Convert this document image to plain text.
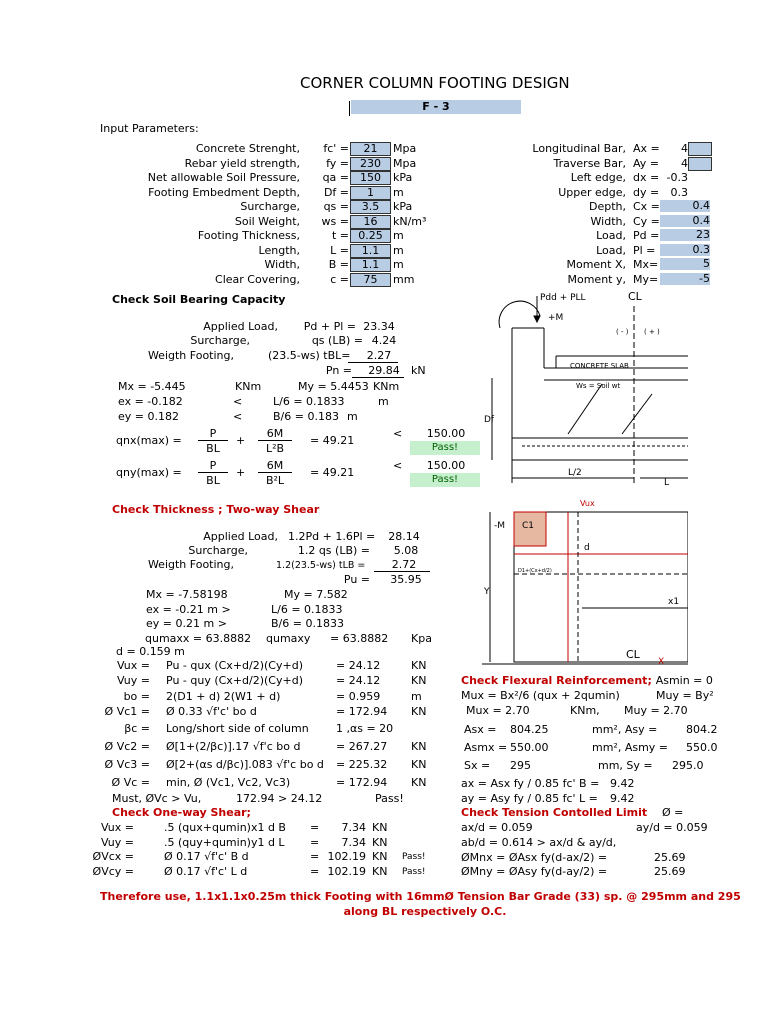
CORNER COLUMN FOOTING DESIGN
F - 3
Input Parameters:
Concrete Strenght,	fc' =	21	Mpa
Rebar yield strength,	fy =	230	Mpa
Net allowable Soil Pressure,	qa =	150	kPa
Footing Embedment Depth,	Df =	1	m
Surcharge,	qs =	3.5	kPa
Soil Weight,	ws =	16	kN/m³
Footing Thickness,	t = 0.25 m
Length,	L =	1.1	m
Width,	B =	1.1	m
Clear Covering,	c =	75	mm
Longitudinal Bar, Ax =	4
Traverse Bar, Ay =	4
Left edge, dx = -0.3
Upper edge, dy =	0.3
Depth, Cx =	0.4
Width, Cy =	0.4
Load, Pd =	23
Load, Pl =	0.3
Moment X, Mx=	5
Moment y, My=	-5
Check Soil Bearing Capacity
Applied Load,	Pd + Pl = 23.34
Surcharge,	qs (LB) = 4.24
Weigth Footing,	(23.5-ws) tBL=	2.27
Pn =	29.84	kN
Mx = -5.445	KNm	My = 5.4453 KNm
ex = -0.182	<	L/6 = 0.1833	m
ey = 0.182	<	B/6 = 0.183 m
qnx(max) =
P
BL
+
6M
L²B
= 49.21
<	150.00
Pass!
qny(max) =
P
BL
+
6M
B²L
= 49.21
<	150.00
Pass!
Check Thickness ; Two-way Shear
Applied Load, 1.2Pd + 1.6Pl =	28.14
Surcharge,	1.2 qs (LB) =	5.08
Weigth Footing,	1.2(23.5-ws) tLB =	2.72
Pu =	35.95
Mx = -7.58198	My = 7.582
ex = -0.21 m >	L/6 = 0.1833
ey = 0.21 m >	B/6 = 0.1833
qumaxx = 63.8882 qumaxy = 63.8882 Kpa
d = 0.159 m
Vux = Pu - qux (Cx+d/2)(Cy+d)	= 24.12	KN
Vuy = Pu - quy (Cx+d/2)(Cy+d)	= 24.12	KN
bo = 2(D1 + d) 2(W1 + d)	= 0.959	m
Ø Vc1 = Ø 0.33 √f'c' bo d	= 172.94 KN
βc = Long/short side of column 1 ,αs = 20
Ø Vc2 = Ø[1+(2/βc)].17 √f'c bo d	= 267.27 KN
Ø Vc3 = Ø[2+(αs d/βc)].083 √f'c bo d = 225.32 KN
Ø Vc = min, Ø (Vc1, Vc2, Vc3)	= 172.94 KN
Must, ØVc > Vu,	172.94 > 24.12	Pass!
Check One-way Shear;
Vux =	.5 (qux+qumin)x1 d B =	7.34 KN
Vuy =	.5 (quy+qumin)y1 d L =	7.34 KN
ØVcx =	Ø 0.17 √f'c' B d	= 102.19 KN Pass!
ØVcy =	Ø 0.17 √f'c' L d	= 102.19 KN Pass!
Check Flexural Reinforcement; Asmin = 0
Mux = Bx²/6 (qux + 2qumin)	Muy = By²
Mux = 2.70	KNm, Muy = 2.70
Asx = 804.25	mm², Asy =	804.2
Asmx = 550.00	mm², Asmy = 550.0
Sx = 295	mm, Sy = 295.0
ax = Asx fy / 0.85 fc' B = 9.42
ay = Asy fy / 0.85 fc' L = 9.42
Check Tension Contolled Limit Ø =
ax/d = 0.059	ay/d = 0.059
ab/d = 0.614 > ax/d & ay/d,
ØMnx = ØAsx fy(d-ax/2) =	25.69
ØMny = ØAsy fy(d-ay/2) =	25.69
Therefore use, 1.1x1.1x0.25m thick Footing with 16mmØ Tension Bar Grade (33) sp. @ 295mm and 295
along BL respectively O.C.
Pdd + PLL	CL
+M
( - ) ( + )
CONCRETE SLAB
Ws = Soil wt
Df
L/2
L
Vux
-M C1
d
Y
x1
CL
X
D1+(Cx+d/2)
